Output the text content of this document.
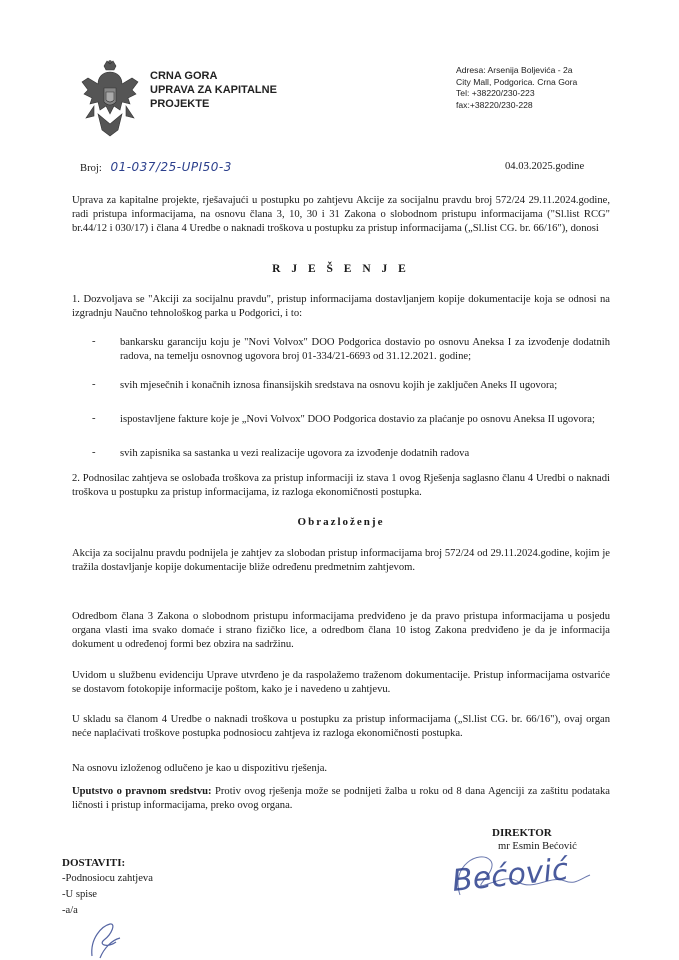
CRNA GORA
UPRAVA ZA KAPITALNE
PROJEKTE
Adresa: Arsenija Boljevića - 2a
City Mall, Podgorica. Crna Gora
Tel: +38220/230-223
fax:+38220/230-228
Broj: 01-037/25-UPI50-3	04.03.2025.godine
Uprava za kapitalne projekte, rješavajući u postupku po zahtjevu Akcije za socijalnu pravdu broj 572/24 29.11.2024.godine, radi pristupa informacijama, na osnovu člana 3, 10, 30 i 31 Zakona o slobodnom pristupu informacijama ("Sl.list RCG" br.44/12 i 030/17) i člana 4 Uredbe o naknadi troškova u postupku za pristup informacijama („Sl.list CG. br. 66/16"), donosi
R J E Š E N J E
1. Dozvoljava se "Akciji za socijalnu pravdu", pristup informacijama dostavljanjem kopije dokumentacije koja se odnosi na izgradnju Naučno tehnološkog parka u Podgorici, i to:
- bankarsku garanciju koju je "Novi Volvox" DOO Podgorica dostavio po osnovu Aneksa I za izvođenje dodatnih radova, na temelju osnovnog ugovora broj 01-334/21-6693 od 31.12.2021. godine;
- svih mjesečnih i konačnih iznosa finansijskih sredstava na osnovu kojih je zaključen Aneks II ugovora;
- ispostavljene fakture koje je „Novi Volvox" DOO Podgorica dostavio za plaćanje po osnovu Aneksa II ugovora;
- svih zapisnika sa sastanka u vezi realizacije ugovora za izvođenje dodatnih radova
2. Podnosilac zahtjeva se oslobađa troškova za pristup informaciji iz stava 1 ovog Rješenja saglasno članu 4 Uredbi o naknadi troškova u postupku za pristup informacijama, iz razloga ekonomičnosti postupka.
Obrazloženje
Akcija za socijalnu pravdu podnijela je zahtjev za slobodan pristup informacijama broj 572/24 od 29.11.2024.godine, kojim je tražila dostavljanje kopije dokumentacije bliže određenu predmetnim zahtjevom.
Odredbom člana 3 Zakona o slobodnom pristupu informacijama predviđeno je da pravo pristupa informacijama u posjedu organa vlasti ima svako domaće i strano fizičko lice, a odredbom člana 10 istog Zakona predviđeno je da je informacija dokument u određenoj formi bez obzira na sadržinu.
Uvidom u službenu evidenciju Uprave utvrđeno je da raspolažemo traženom dokumentacije. Pristup informacijama ostvariće se dostavom fotokopije informacije poštom, kako je i navedeno u zahtjevu.
U skladu sa članom 4 Uredbe o naknadi troškova u postupku za pristup informacijama („Sl.list CG. br. 66/16"), ovaj organ neće naplaćivati troškove postupka podnosiocu zahtjeva iz razloga ekonomičnosti postupka.
Na osnovu izloženog odlučeno je kao u dispozitivu rješenja.
Uputstvo o pravnom sredstvu: Protiv ovog rješenja može se podnijeti žalba u roku od 8 dana Agenciji za zaštitu podataka ličnosti i pristup informacijama, preko ovog organa.
DIREKTOR
mr Esmin Bećović
Bećović
DOSTAVITI:
-Podnosiocu zahtjeva
-U spise
-a/a
